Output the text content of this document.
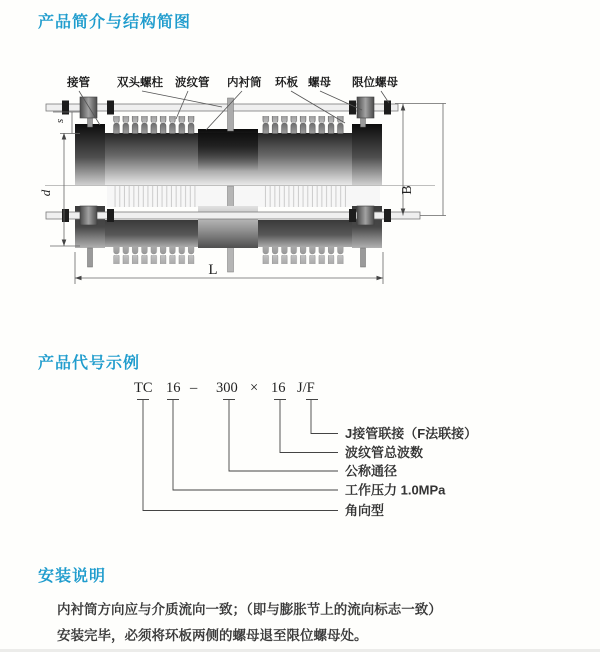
产品简介与结构简图
产品代号示例
安装说明
s
d	B
L
接管 双头螺柱 波纹管 内衬筒 环板 螺母 限位螺母
TC 16 – 300 × 16 J/F
J接管联接（F法联接）
波纹管总波数
公称通径
工作压力 1.0MPa
角向型
内衬筒方向应与介质流向一致；（即与膨胀节上的流向标志一致）
安装完毕，必须将环板两侧的螺母退至限位螺母处。
